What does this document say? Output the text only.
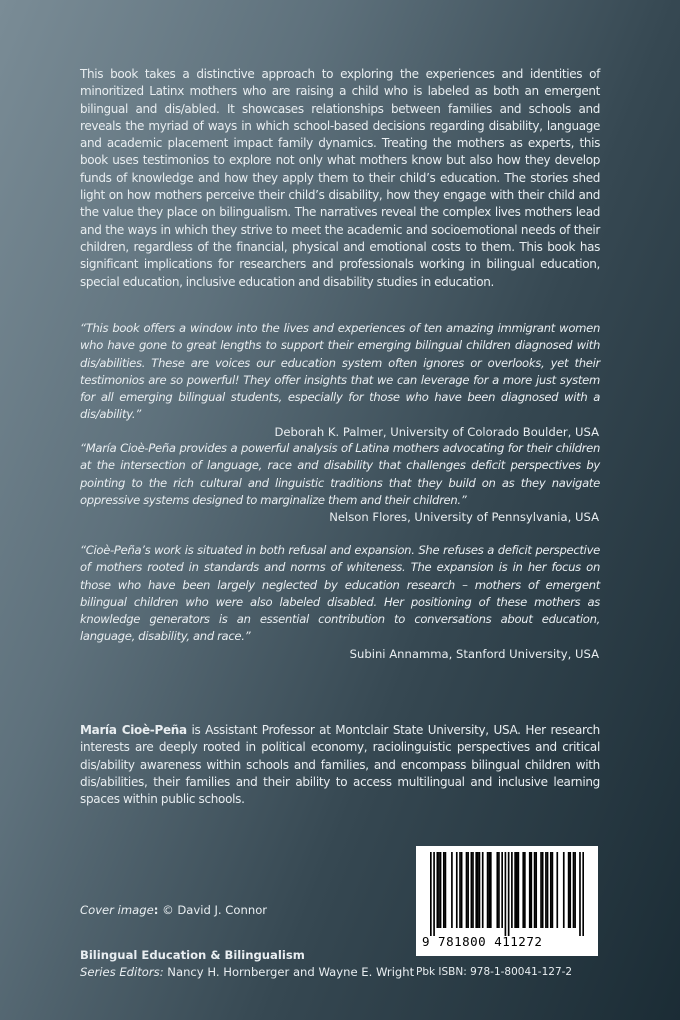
This book takes a distinctive approach to exploring the experiences and identities of minoritized Latinx mothers who are raising a child who is labeled as both an emergent bilingual and dis/abled. It showcases relationships between families and schools and reveals the myriad of ways in which school-based decisions regarding disability, language and academic placement impact family dynamics. Treating the mothers as experts, this book uses testimonios to explore not only what mothers know but also how they develop funds of knowledge and how they apply them to their child’s education. The stories shed light on how mothers perceive their child’s disability, how they engage with their child and the value they place on bilingualism. The narratives reveal the complex lives mothers lead and the ways in which they strive to meet the academic and socioemotional needs of their children, regardless of the financial, physical and emotional costs to them. This book has significant implications for researchers and professionals working in bilingual education, special education, inclusive education and disability studies in education.

“This book offers a window into the lives and experiences of ten amazing immigrant women who have gone to great lengths to support their emerging bilingual children diagnosed with dis/abilities. These are voices our education system often ignores or overlooks, yet their testimonios are so powerful! They offer insights that we can leverage for a more just system for all emerging bilingual students, especially for those who have been diagnosed with a dis/ability.”

Deborah K. Palmer, University of Colorado Boulder, USA

“María Cioè-Peña provides a powerful analysis of Latina mothers advocating for their children at the intersection of language, race and disability that challenges deficit perspectives by pointing to the rich cultural and linguistic traditions that they build on as they navigate oppressive systems designed to marginalize them and their children.”

Nelson Flores, University of Pennsylvania, USA

“Cioè-Peña’s work is situated in both refusal and expansion. She refuses a deficit perspective of mothers rooted in standards and norms of whiteness. The expansion is in her focus on those who have been largely neglected by education research – mothers of emergent bilingual children who were also labeled disabled. Her positioning of these mothers as knowledge generators is an essential contribution to conversations about education, language, disability, and race.”

Subini Annamma, Stanford University, USA

María Cioè-Peña is Assistant Professor at Montclair State University, USA. Her research interests are deeply rooted in political economy, raciolinguistic perspectives and critical dis/ability awareness within schools and families, and encompass bilingual children with dis/abilities, their families and their ability to access multilingual and inclusive learning spaces within public schools.

Cover image: © David J. Connor
Bilingual Education & Bilingualism
Series Editors: Nancy H. Hornberger and Wayne E. Wright
9 781800 411272
Pbk ISBN: 978-1-80041-127-2
